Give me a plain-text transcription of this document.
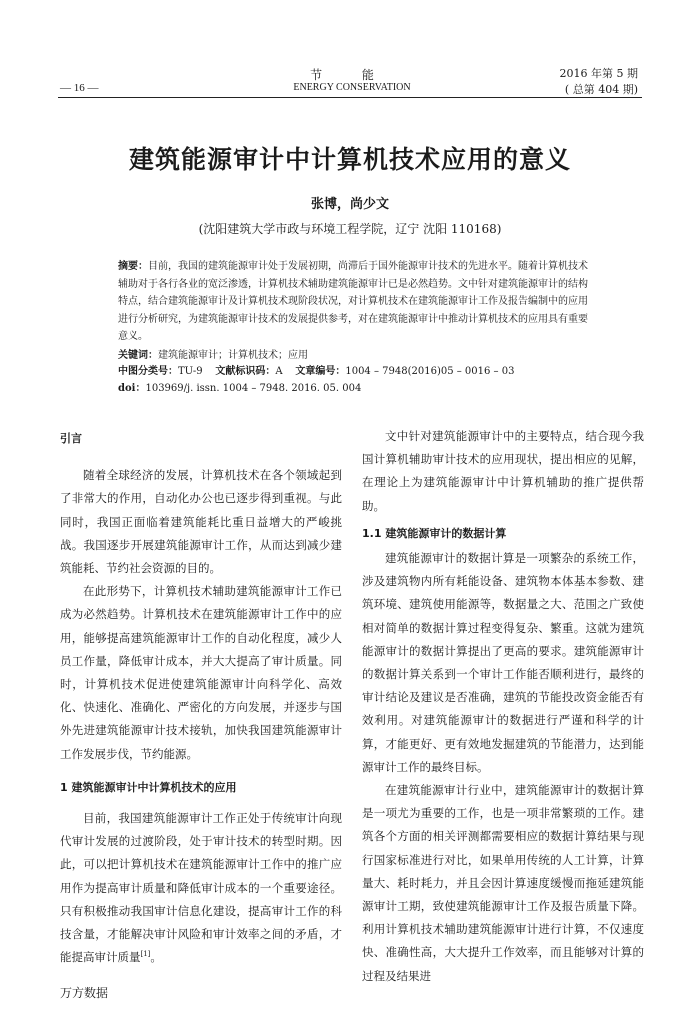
节 能
ENERGY CONSERVATION
— 16 —
2016 年第 5 期
( 总第 404 期)
建筑能源审计中计算机技术应用的意义
张博，尚少文
(沈阳建筑大学市政与环境工程学院，辽宁 沈阳 110168)
摘要：目前，我国的建筑能源审计处于发展初期，尚滞后于国外能源审计技术的先进水平。随着计算机技术辅助对于各行各业的宽泛渗透，计算机技术辅助建筑能源审计已是必然趋势。文中针对建筑能源审计的结构特点，结合建筑能源审计及计算机技术现阶段状况，对计算机技术在建筑能源审计工作及报告编制中的应用进行分析研究，为建筑能源审计技术的发展提供参考，对在建筑能源审计中推动计算机技术的应用具有重要意义。
关键词：建筑能源审计；计算机技术；应用
中图分类号：TU-9 文献标识码：A 文章编号：1004 – 7948(2016)05 – 0016 – 03
doi：103969/j. issn. 1004 – 7948. 2016. 05. 004
引言

随着全球经济的发展，计算机技术在各个领域起到了非常大的作用，自动化办公也已逐步得到重视。与此同时，我国正面临着建筑能耗比重日益增大的严峻挑战。我国逐步开展建筑能源审计工作，从而达到减少建筑能耗、节约社会资源的目的。

在此形势下，计算机技术辅助建筑能源审计工作已成为必然趋势。计算机技术在建筑能源审计工作中的应用，能够提高建筑能源审计工作的自动化程度，减少人员工作量，降低审计成本，并大大提高了审计质量。同时，计算机技术促进使建筑能源审计向科学化、高效化、快速化、准确化、严密化的方向发展，并逐步与国外先进建筑能源审计技术接轨，加快我国建筑能源审计工作发展步伐，节约能源。

1 建筑能源审计中计算机技术的应用

目前，我国建筑能源审计工作正处于传统审计向现代审计发展的过渡阶段，处于审计技术的转型时期。因此，可以把计算机技术在建筑能源审计工作中的推广应用作为提高审计质量和降低审计成本的一个重要途径。只有积极推动我国审计信息化建设，提高审计工作的科技含量，才能解决审计风险和审计效率之间的矛盾，才能提高审计质量[1]。

文中针对建筑能源审计中的主要特点，结合现今我国计算机辅助审计技术的应用现状，提出相应的见解，在理论上为建筑能源审计中计算机辅助的推广提供帮助。

1.1 建筑能源审计的数据计算

建筑能源审计的数据计算是一项繁杂的系统工作，涉及建筑物内所有耗能设备、建筑物本体基本参数、建筑环境、建筑使用能源等，数据量之大、范围之广致使相对简单的数据计算过程变得复杂、繁重。这就为建筑能源审计的数据计算提出了更高的要求。建筑能源审计的数据计算关系到一个审计工作能否顺利进行，最终的审计结论及建议是否准确，建筑的节能投改资金能否有效利用。对建筑能源审计的数据进行严谨和科学的计算，才能更好、更有效地发掘建筑的节能潜力，达到能源审计工作的最终目标。

在建筑能源审计行业中，建筑能源审计的数据计算是一项尤为重要的工作，也是一项非常繁琐的工作。建筑各个方面的相关评测都需要相应的数据计算结果与现行国家标准进行对比，如果单用传统的人工计算，计算量大、耗时耗力，并且会因计算速度缓慢而拖延建筑能源审计工期，致使建筑能源审计工作及报告质量下降。利用计算机技术辅助建筑能源审计进行计算，不仅速度快、准确性高，大大提升工作效率，而且能够对计算的过程及结果进

万方数据
